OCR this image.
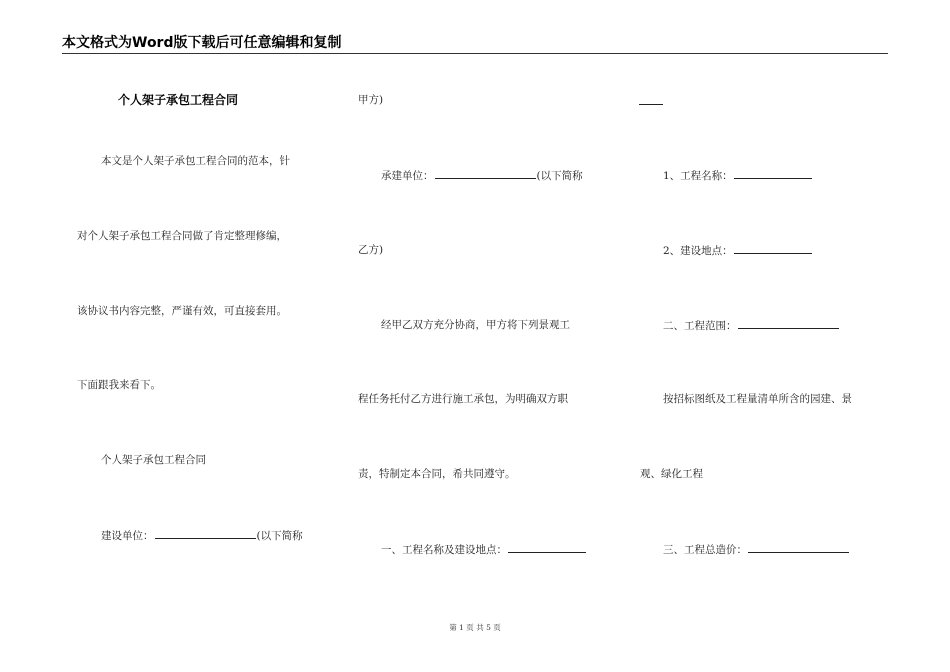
本文格式为Word版下载后可任意编辑和复制
个人架子承包工程合同
本文是个人架子承包工程合同的范本，针
对个人架子承包工程合同做了肯定整理修编，
该协议书内容完整，严谨有效，可直接套用。
下面跟我来看下。
个人架子承包工程合同
建设单位：	(以下简称
甲方)
承建单位：	(以下简称
乙方)
经甲乙双方充分协商，甲方将下列景观工
程任务托付乙方进行施工承包，为明确双方职
责，特制定本合同，希共同遵守。
一、工程名称及建设地点：
1、工程名称：
2、建设地点：
二、工程范围：
按招标图纸及工程量清单所含的园建、景
观、绿化工程
三、工程总造价：
第 1 页 共 5 页
